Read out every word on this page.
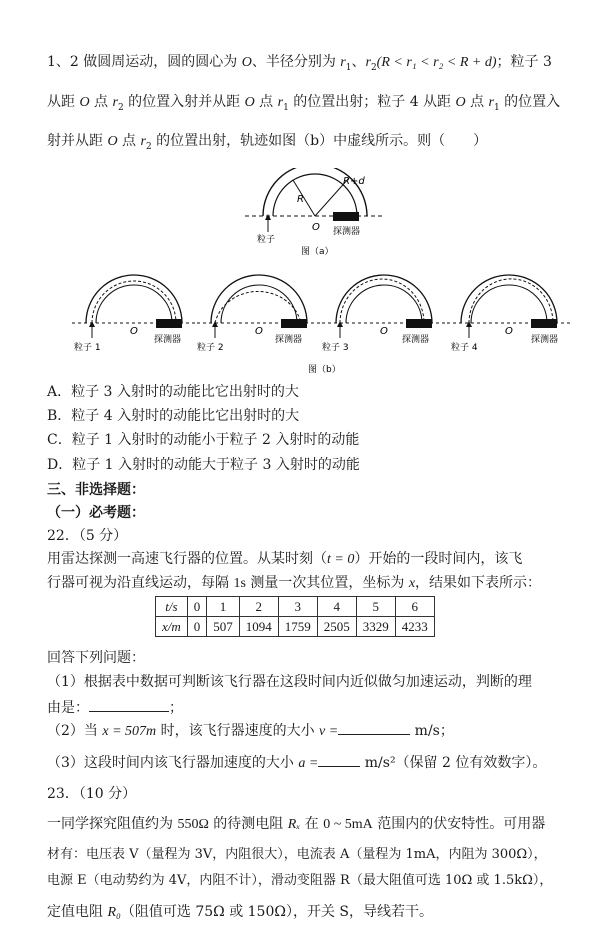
1、2 做圆周运动，圆的圆心为 O、半径分别为 $r_1$、$r_2(R < r_1 < r_2 < R + d)$；粒子 3
从距 O 点 $r_2$ 的位置入射并从距 O 点 $r_1$ 的位置出射；粒子 4 从距 O 点 $r_1$ 的位置入
射并从距 O 点 $r_2$ 的位置出射，轨迹如图（b）中虚线所示。则（　　）
R
R+d
O
粒子
探测器
图（a）
O
粒子 1
探测器
O
粒子 2
探测器
O
粒子 3
探测器
O
粒子 4
探测器
图（b）
A．粒子 3 入射时的动能比它出射时的大
B．粒子 4 入射时的动能比它出射时的大
C．粒子 1 入射时的动能小于粒子 2 入射时的动能
D．粒子 1 入射时的动能大于粒子 3 入射时的动能
三、非选择题：
（一）必考题：
22．（5 分）
用雷达探测一高速飞行器的位置。从某时刻（t = 0）开始的一段时间内，该飞
行器可视为沿直线运动，每隔 1s 测量一次其位置，坐标为 x，结果如下表所示：
t/s	0	1	2	3	4	5	6
x/m	0	507	1094	1759	2505	3329	4233
回答下列问题：
（1）根据表中数据可判断该飞行器在这段时间内近似做匀加速运动，判断的理
由是：	；
（2）当 x = 507m 时，该飞行器速度的大小 v =	m/s；
（3）这段时间内该飞行器加速度的大小 a =	m/s²（保留 2 位有效数字）。
23．（10 分）
一同学探究阻值约为 550Ω 的待测电阻 Rₓ 在 0 ~ 5mA 范围内的伏安特性。可用器
材有：电压表 V（量程为 3V，内阻很大），电流表 A（量程为 1mA，内阻为 300Ω），
电源 E（电动势约为 4V，内阻不计），滑动变阻器 R（最大阻值可选 10Ω 或 1.5kΩ），
定值电阻 R₀（阻值可选 75Ω 或 150Ω），开关 S，导线若干。
